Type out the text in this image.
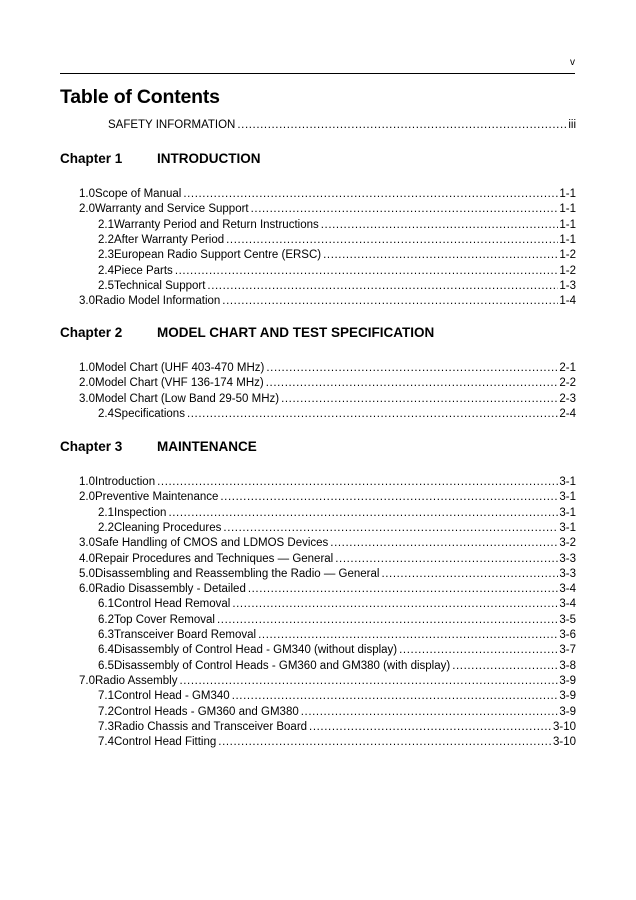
v
Table of Contents
SAFETY INFORMATION .....	iii
Chapter 1	INTRODUCTION
1.0 Scope of Manual .....	1-1
2.0 Warranty and Service Support .....	1-1
2.1 Warranty Period and Return Instructions .....	1-1
2.2 After Warranty Period .....	1-1
2.3 European Radio Support Centre (ERSC) .....	1-2
2.4 Piece Parts .....	1-2
2.5 Technical Support .....	1-3
3.0 Radio Model Information .....	1-4
Chapter 2	MODEL CHART AND TEST SPECIFICATION
1.0 Model Chart (UHF 403-470 MHz) .....	2-1
2.0 Model Chart (VHF 136-174 MHz) .....	2-2
3.0 Model Chart (Low Band 29-50 MHz) .....	2-3
2.4 Specifications .....	2-4
Chapter 3	MAINTENANCE
1.0 Introduction .....	3-1
2.0 Preventive Maintenance .....	3-1
2.1 Inspection .....	3-1
2.2 Cleaning Procedures .....	3-1
3.0 Safe Handling of CMOS and LDMOS Devices .....	3-2
4.0 Repair Procedures and Techniques — General .....	3-3
5.0 Disassembling and Reassembling the Radio — General .....	3-3
6.0 Radio Disassembly - Detailed .....	3-4
6.1 Control Head Removal .....	3-4
6.2 Top Cover Removal .....	3-5
6.3 Transceiver Board Removal .....	3-6
6.4 Disassembly of Control Head - GM340 (without display) .....	3-7
6.5 Disassembly of Control Heads - GM360 and GM380 (with display) .....	3-8
7.0 Radio Assembly .....	3-9
7.1 Control Head - GM340 .....	3-9
7.2 Control Heads - GM360 and GM380 .....	3-9
7.3 Radio Chassis and Transceiver Board .....	3-10
7.4 Control Head Fitting .....	3-10
